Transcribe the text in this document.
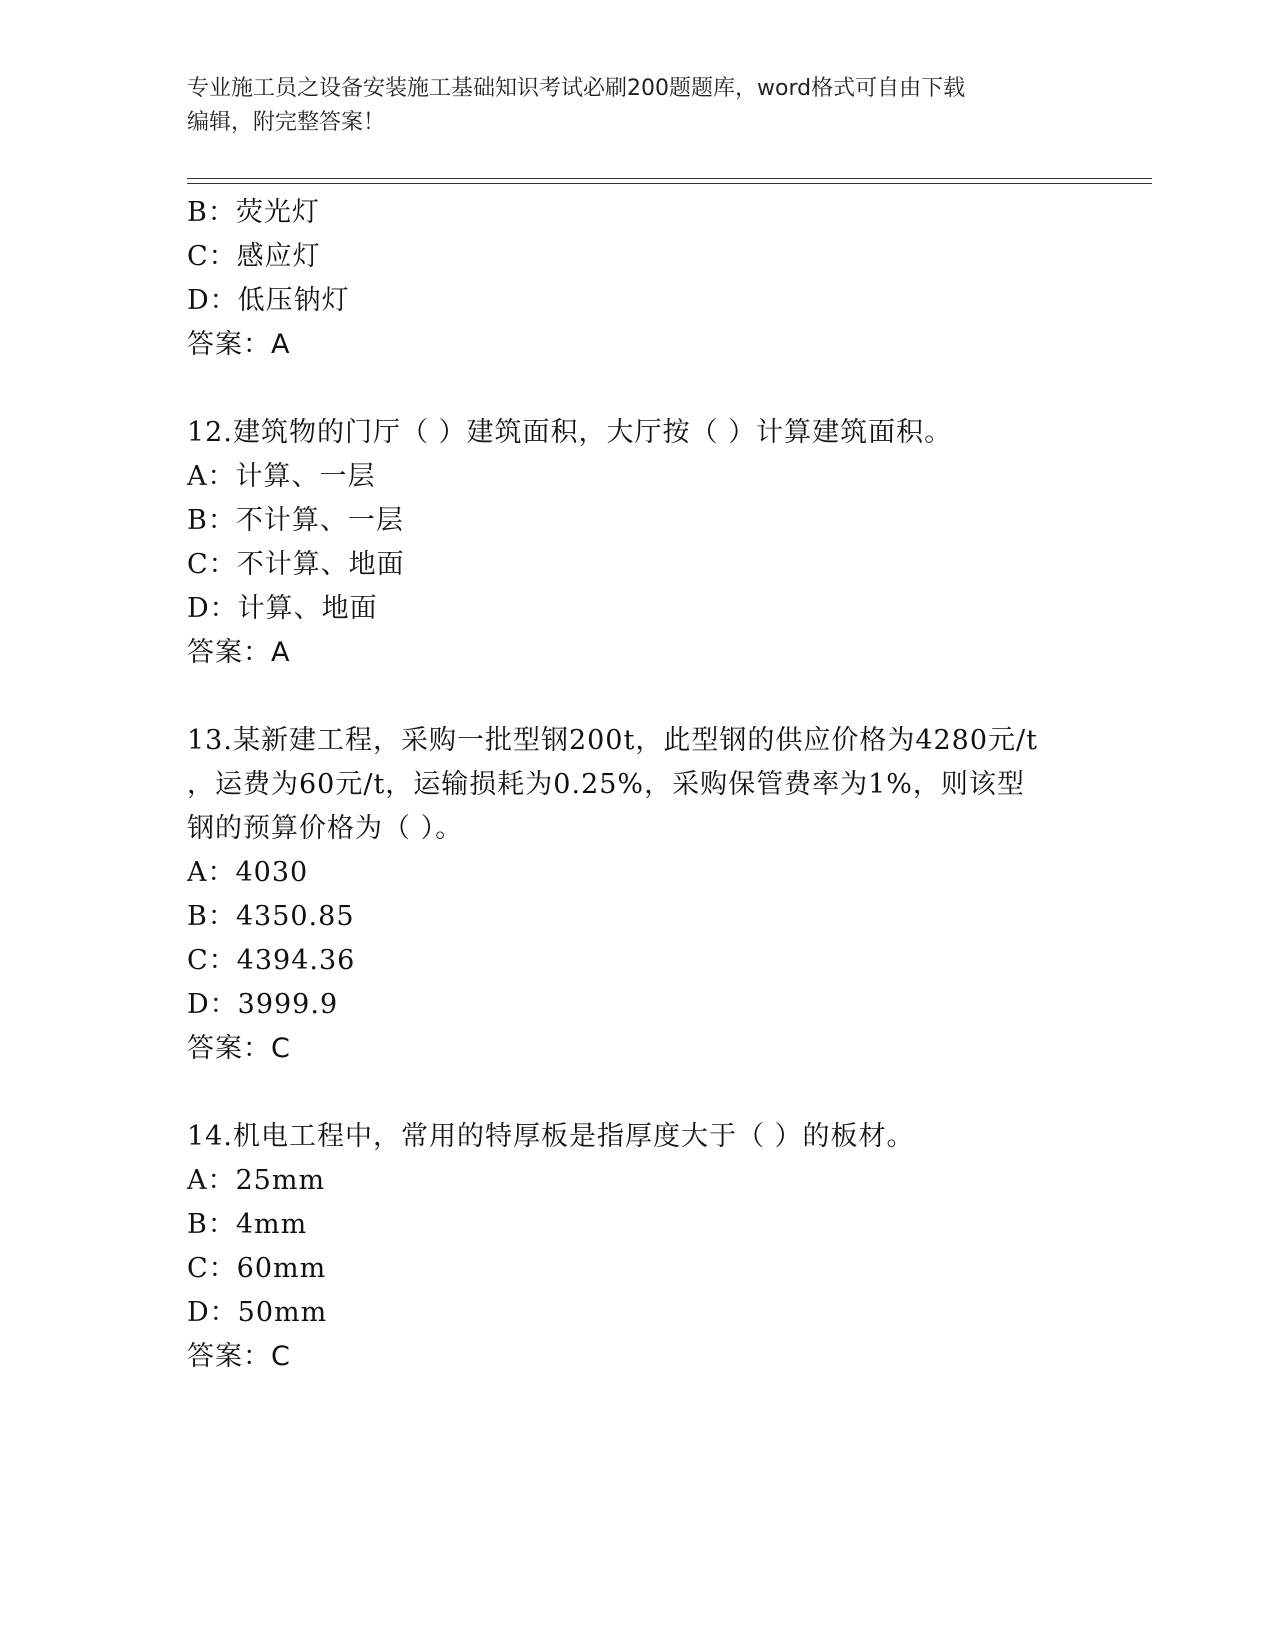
专业施工员之设备安装施工基础知识考试必刷200题题库，word格式可自由下载
编辑，附完整答案！
B：荧光灯
C：感应灯
D：低压钠灯
答案：A
12.建筑物的门厅（ ）建筑面积，大厅按（ ）计算建筑面积。
A：计算、一层
B：不计算、一层
C：不计算、地面
D：计算、地面
答案：A
13.某新建工程，采购一批型钢200t，此型钢的供应价格为4280元/t
，运费为60元/t，运输损耗为0.25%，采购保管费率为1%，则该型
钢的预算价格为（ ）。
A：4030
B：4350.85
C：4394.36
D：3999.9
答案：C
14.机电工程中，常用的特厚板是指厚度大于（ ）的板材。
A：25mm
B：4mm
C：60mm
D：50mm
答案：C
